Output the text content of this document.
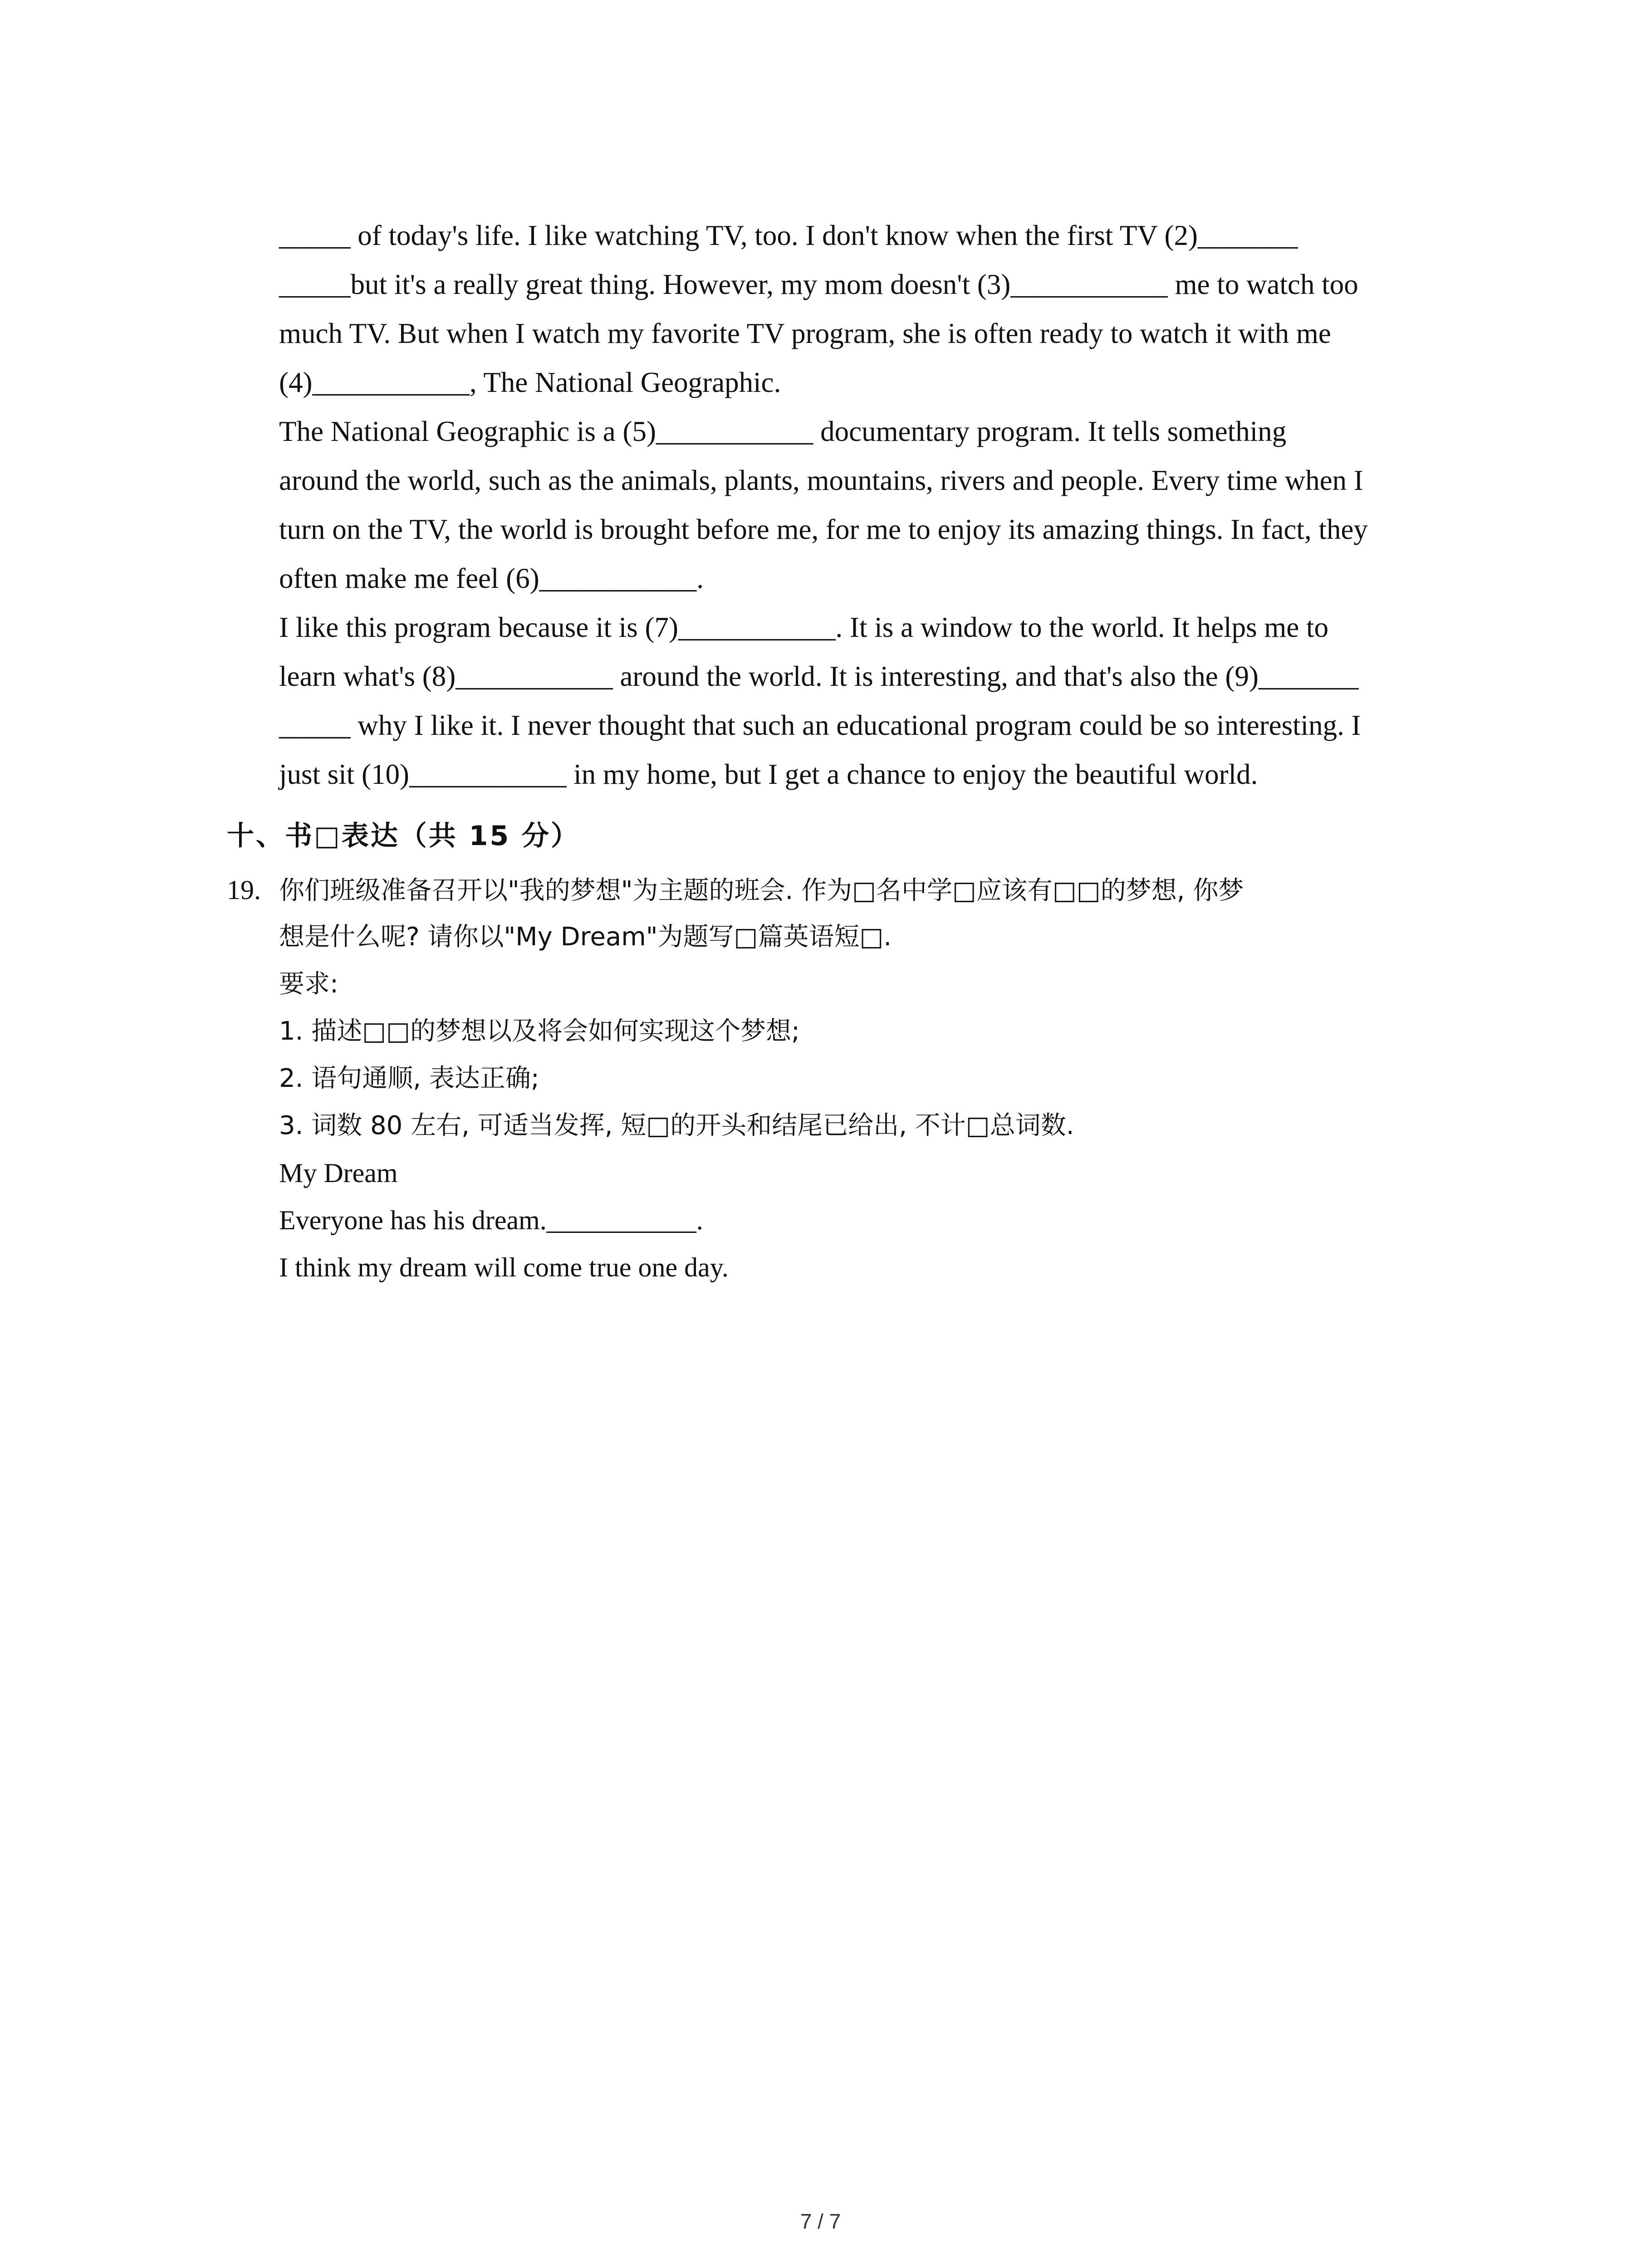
_____ of today's life. I like watching TV, too. I don't know when the first TV (2)_______
_____but it's a really great thing. However, my mom doesn't (3)___________ me to watch too
much TV. But when I watch my favorite TV program, she is often ready to watch it with me
(4)___________, The National Geographic.
The National Geographic is a (5)___________ documentary program. It tells something
around the world, such as the animals, plants, mountains, rivers and people. Every time when I
turn on the TV, the world is brought before me, for me to enjoy its amazing things. In fact, they
often make me feel (6)___________.
I like this program because it is (7)___________. It is a window to the world. It helps me to
learn what's (8)___________ around the world. It is interesting, and that's also the (9)_______
_____ why I like it. I never thought that such an educational program could be so interesting. I
just sit (10)___________ in my home, but I get a chance to enjoy the beautiful world.
十、书□表达（共 15 分）
19. 你们班级准备召开以"我的梦想"为主题的班会. 作为□名中学□应该有□□的梦想, 你梦
想是什么呢? 请你以"My Dream"为题写□篇英语短□.
要求:
1. 描述□□的梦想以及将会如何实现这个梦想;
2. 语句通顺, 表达正确;
3. 词数 80 左右, 可适当发挥, 短□的开头和结尾已给出, 不计□总词数.
My Dream
Everyone has his dream.___________.
I think my dream will come true one day.
7 / 7
